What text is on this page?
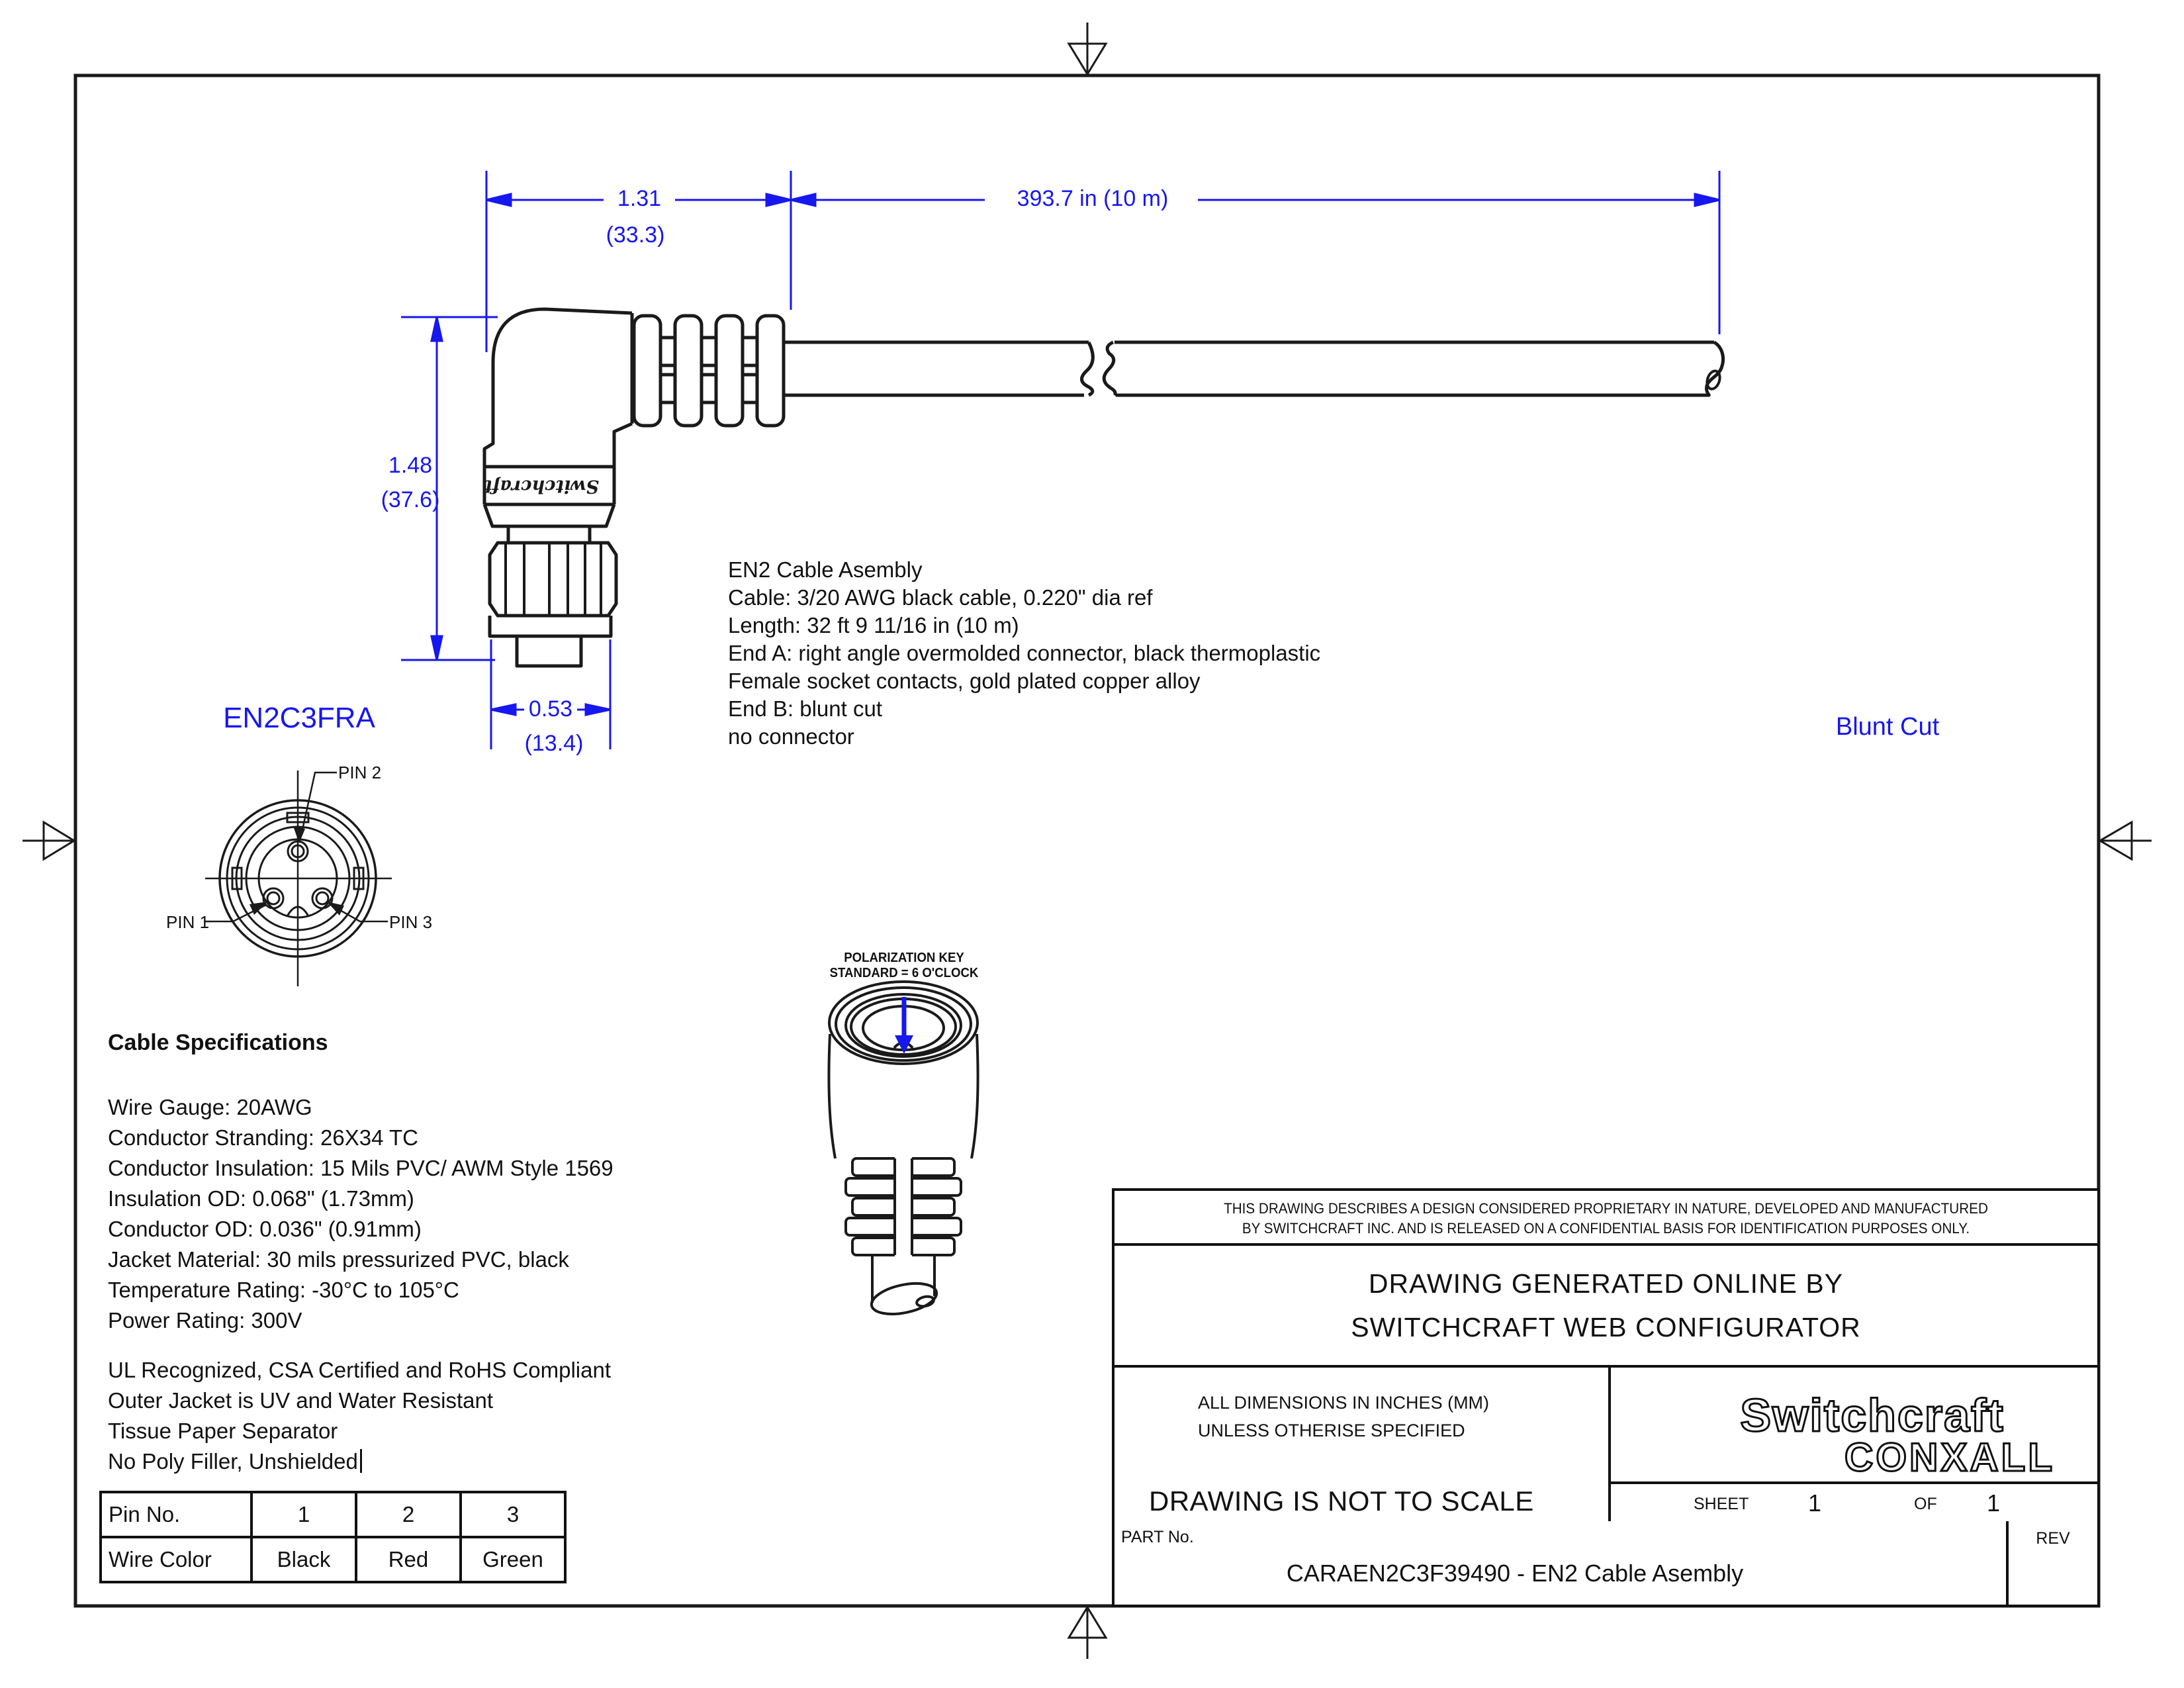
Switchcraft
1.31
(33.3)
393.7 in (10 m)
1.48
(37.6)
0.53
(13.4)
EN2C3FRA	Blunt Cut
PIN 2
PIN 1	PIN 3
POLARIZATION KEY
STANDARD = 6 O'CLOCK
EN2 Cable Asembly
Cable: 3/20 AWG black cable, 0.220" dia ref
Length: 32 ft 9 11/16 in (10 m)
End A: right angle overmolded connector, black thermoplastic
Female socket contacts, gold plated copper alloy
End B: blunt cut
no connector
Cable Specifications
Wire Gauge: 20AWG
Conductor Stranding: 26X34 TC
Conductor Insulation: 15 Mils PVC/ AWM Style 1569
Insulation OD: 0.068" (1.73mm)
Conductor OD: 0.036" (0.91mm)
Jacket Material: 30 mils pressurized PVC, black
Temperature Rating: -30°C to 105°C
Power Rating: 300V
UL Recognized, CSA Certified and RoHS Compliant
Outer Jacket is UV and Water Resistant
Tissue Paper Separator
No Poly Filler, Unshielded
Pin No.	1	2	3
Wire Color	Black	Red	Green
THIS DRAWING DESCRIBES A DESIGN CONSIDERED PROPRIETARY IN NATURE, DEVELOPED AND MANUFACTURED
BY SWITCHCRAFT INC. AND IS RELEASED ON A CONFIDENTIAL BASIS FOR IDENTIFICATION PURPOSES ONLY.
DRAWING GENERATED ONLINE BY
SWITCHCRAFT WEB CONFIGURATOR
ALL DIMENSIONS IN INCHES (MM)
UNLESS OTHERISE SPECIFIED
DRAWING IS NOT TO SCALE
Switchcraft
CONXALL
SHEET 1	OF 1
PART No.
CARAEN2C3F39490 - EN2 Cable Asembly
REV
